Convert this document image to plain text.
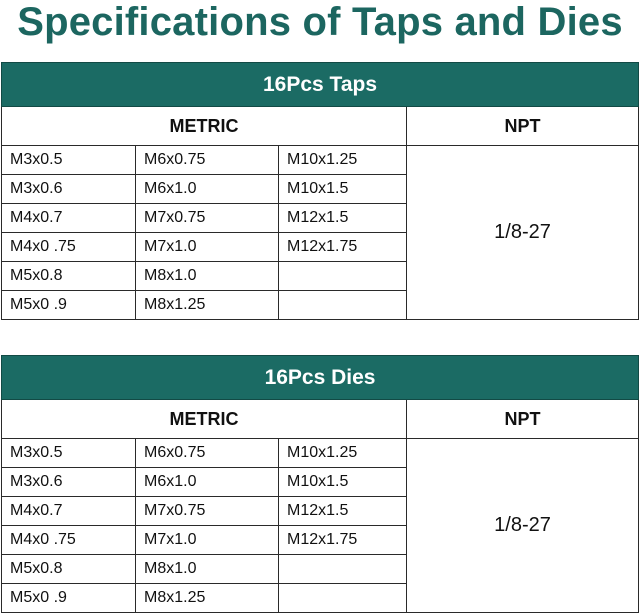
Specifications of Taps and Dies
16Pcs Taps			
METRIC			NPT
M3x0.5	M6x0.75	M10x1.25	1/8-27
M3x0.6	M6x1.0	M10x1.5	
M4x0.7	M7x0.75	M12x1.5	
M4x0 .75	M7x1.0	M12x1.75	
M5x0.8	M8x1.0		
M5x0 .9	M8x1.25		
16Pcs Dies			
METRIC			NPT
M3x0.5	M6x0.75	M10x1.25	1/8-27
M3x0.6	M6x1.0	M10x1.5	
M4x0.7	M7x0.75	M12x1.5	
M4x0 .75	M7x1.0	M12x1.75	
M5x0.8	M8x1.0		
M5x0 .9	M8x1.25		
